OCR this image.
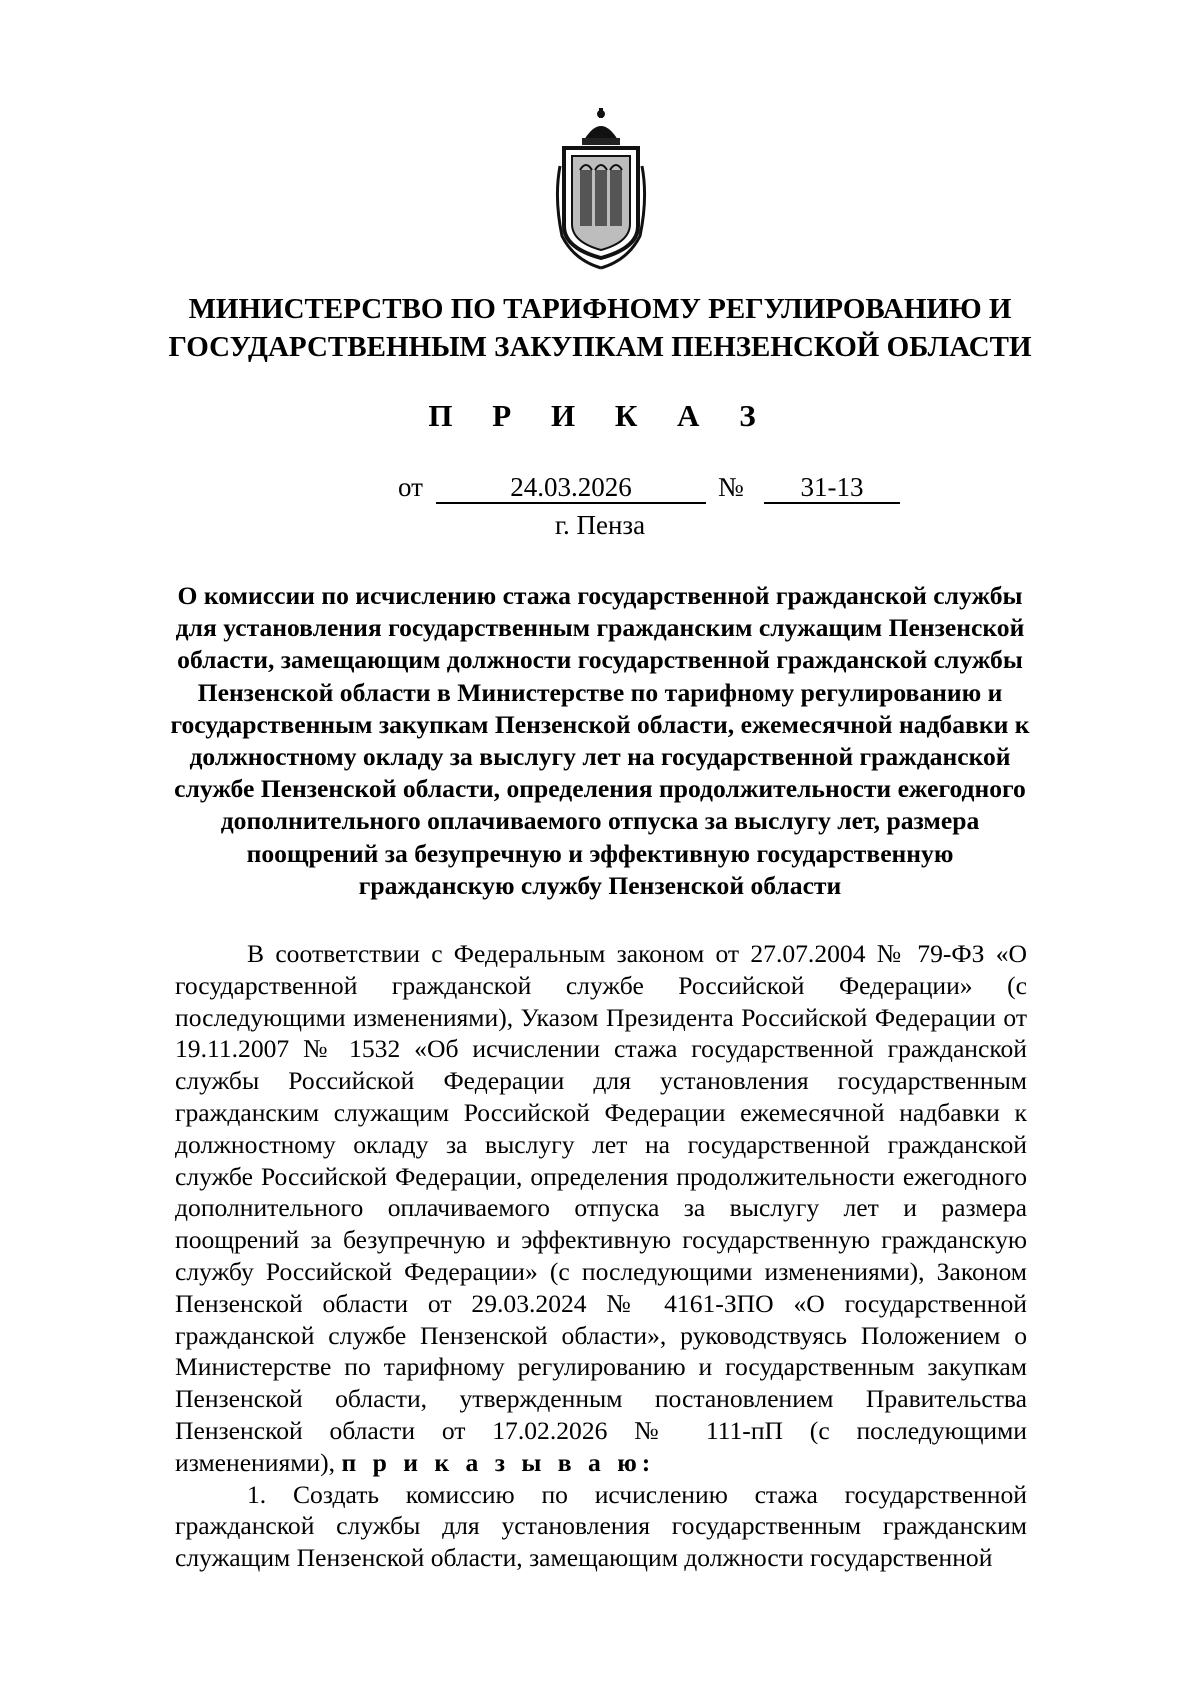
МИНИСТЕРСТВО ПО ТАРИФНОМУ РЕГУЛИРОВАНИЮ И
ГОСУДАРСТВЕННЫМ ЗАКУПКАМ ПЕНЗЕНСКОЙ ОБЛАСТИ
П Р И К А З
от	24.03.2026	№	31-13
г. Пенза
О комиссии по исчислению стажа государственной гражданской службы для установления государственным гражданским служащим Пензенской области, замещающим должности государственной гражданской службы Пензенской области в Министерстве по тарифному регулированию и государственным закупкам Пензенской области, ежемесячной надбавки к должностному окладу за выслугу лет на государственной гражданской службе Пензенской области, определения продолжительности ежегодного дополнительного оплачиваемого отпуска за выслугу лет, размера поощрений за безупречную и эффективную государственную гражданскую службу Пензенской области

В соответствии с Федеральным законом от 27.07.2004 № 79-ФЗ «О государственной гражданской службе Российской Федерации» (с последующими изменениями), Указом Президента Российской Федерации от 19.11.2007 № 1532 «Об исчислении стажа государственной гражданской службы Российской Федерации для установления государственным гражданским служащим Российской Федерации ежемесячной надбавки к должностному окладу за выслугу лет на государственной гражданской службе Российской Федерации, определения продолжительности ежегодного дополнительного оплачиваемого отпуска за выслугу лет и размера поощрений за безупречную и эффективную государственную гражданскую службу Российской Федерации» (с последующими изменениями), Законом Пензенской области от 29.03.2024 № 4161-ЗПО «О государственной гражданской службе Пензенской области», руководствуясь Положением о Министерстве по тарифному регулированию и государственным закупкам Пензенской области, утвержденным постановлением Правительства Пензенской области от 17.02.2026 № 111-пП (с последующими изменениями), п р и к а з ы в а ю:

1. Создать комиссию по исчислению стажа государственной гражданской службы для установления государственным гражданским служащим Пензенской области, замещающим должности государственной
